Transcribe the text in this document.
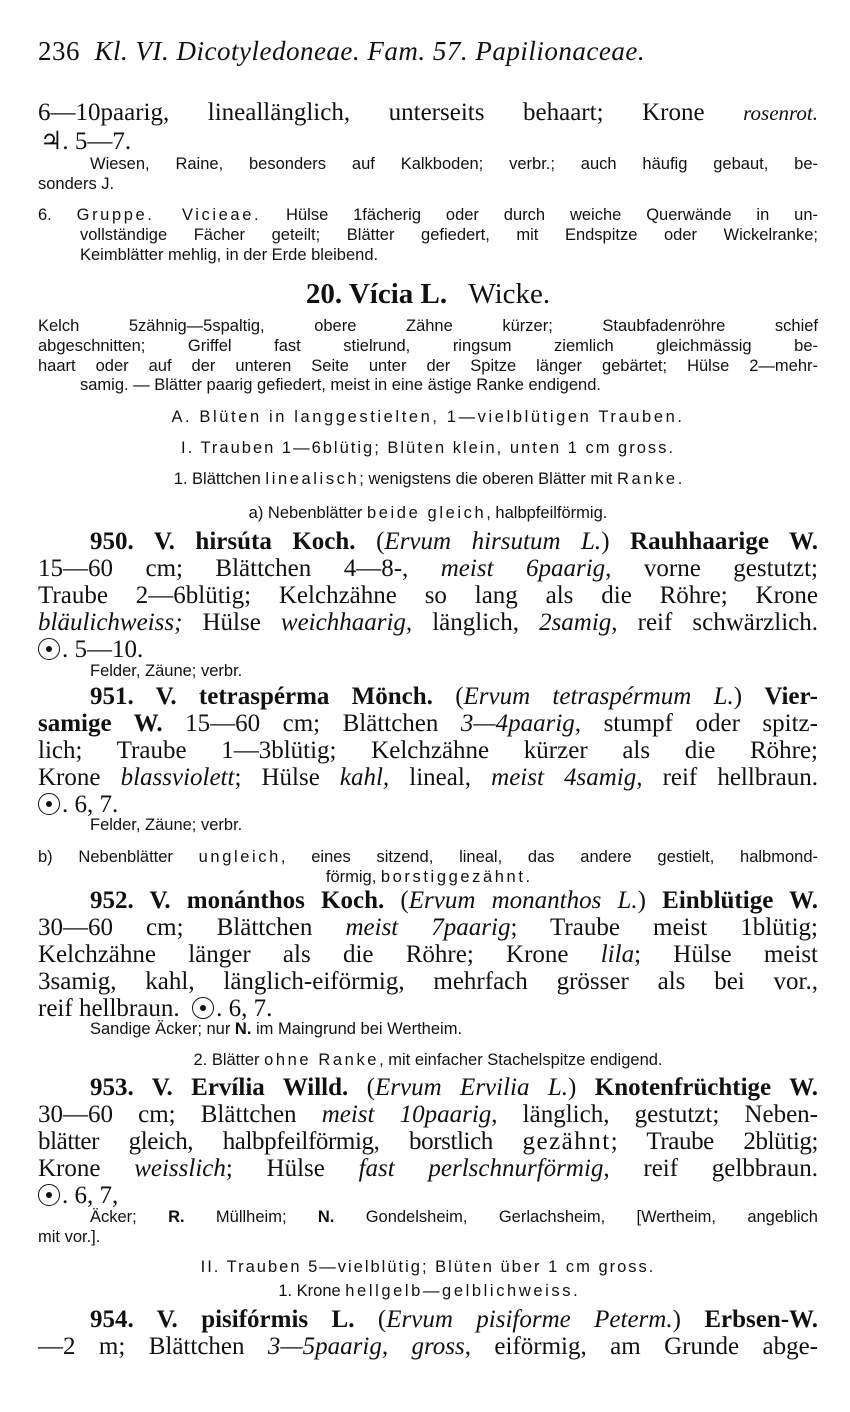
236 Kl. VI. Dicotyledoneae. Fam. 57. Papilionaceae.
6—10paarig, lineallänglich, unterseits behaart; Krone rosenrot.
♃. 5—7.
Wiesen, Raine, besonders auf Kalkboden; verbr.; auch häufig gebaut, be-
sonders J.
6. Gruppe. Vicieae. Hülse 1fächerig oder durch weiche Querwände in un-
vollständige Fächer geteilt; Blätter gefiedert, mit Endspitze oder Wickelranke;
Keimblätter mehlig, in der Erde bleibend.
20. Vícia L. Wicke.
Kelch 5zähnig—5spaltig, obere Zähne kürzer; Staubfadenröhre schief
abgeschnitten; Griffel fast stielrund, ringsum ziemlich gleichmässig be-
haart oder auf der unteren Seite unter der Spitze länger gebärtet; Hülse 2—mehr-
samig. — Blätter paarig gefiedert, meist in eine ästige Ranke endigend.
A. Blüten in langgestielten, 1—vielblütigen Trauben.
I. Trauben 1—6blütig; Blüten klein, unten 1 cm gross.
1. Blättchen linealisch; wenigstens die oberen Blätter mit Ranke.
a) Nebenblätter beide gleich, halbpfeilförmig.
950. V. hirsúta Koch. (Ervum hirsutum L.) Rauhhaarige W.
15—60 cm; Blättchen 4—8-, meist 6paarig, vorne gestutzt;
Traube 2—6blütig; Kelchzähne so lang als die Röhre; Krone
bläulichweiss; Hülse weichhaarig, länglich, 2samig, reif schwärzlich.
. 5—10.
Felder, Zäune; verbr.
951. V. tetraspérma Mönch. (Ervum tetraspérmum L.) Vier-
samige W. 15—60 cm; Blättchen 3—4paarig, stumpf oder spitz-
lich; Traube 1—3blütig; Kelchzähne kürzer als die Röhre;
Krone blassviolett; Hülse kahl, lineal, meist 4samig, reif hellbraun.
. 6, 7.
Felder, Zäune; verbr.
b) Nebenblätter ungleich, eines sitzend, lineal, das andere gestielt, halbmond-
förmig, borstiggezähnt.
952. V. monánthos Koch. (Ervum monanthos L.) Einblütige W.
30—60 cm; Blättchen meist 7paarig; Traube meist 1blütig;
Kelchzähne länger als die Röhre; Krone lila; Hülse meist
3samig, kahl, länglich-eiförmig, mehrfach grösser als bei vor.,
reif hellbraun. . 6, 7.
Sandige Äcker; nur N. im Maingrund bei Wertheim.
2. Blätter ohne Ranke, mit einfacher Stachelspitze endigend.
953. V. Ervília Willd. (Ervum Ervilia L.) Knotenfrüchtige W.
30—60 cm; Blättchen meist 10paarig, länglich, gestutzt; Neben-
blätter gleich, halbpfeilförmig, borstlich gezähnt; Traube 2blütig;
Krone weisslich; Hülse fast perlschnurförmig, reif gelbbraun.
. 6, 7,
Äcker; R. Müllheim; N. Gondelsheim, Gerlachsheim, [Wertheim, angeblich
mit vor.].
II. Trauben 5—vielblütig; Blüten über 1 cm gross.
1. Krone hellgelb—gelblichweiss.
954. V. pisifórmis L. (Ervum pisiforme Peterm.) Erbsen-W.
—2 m; Blättchen 3—5paarig, gross, eiförmig, am Grunde abge-
